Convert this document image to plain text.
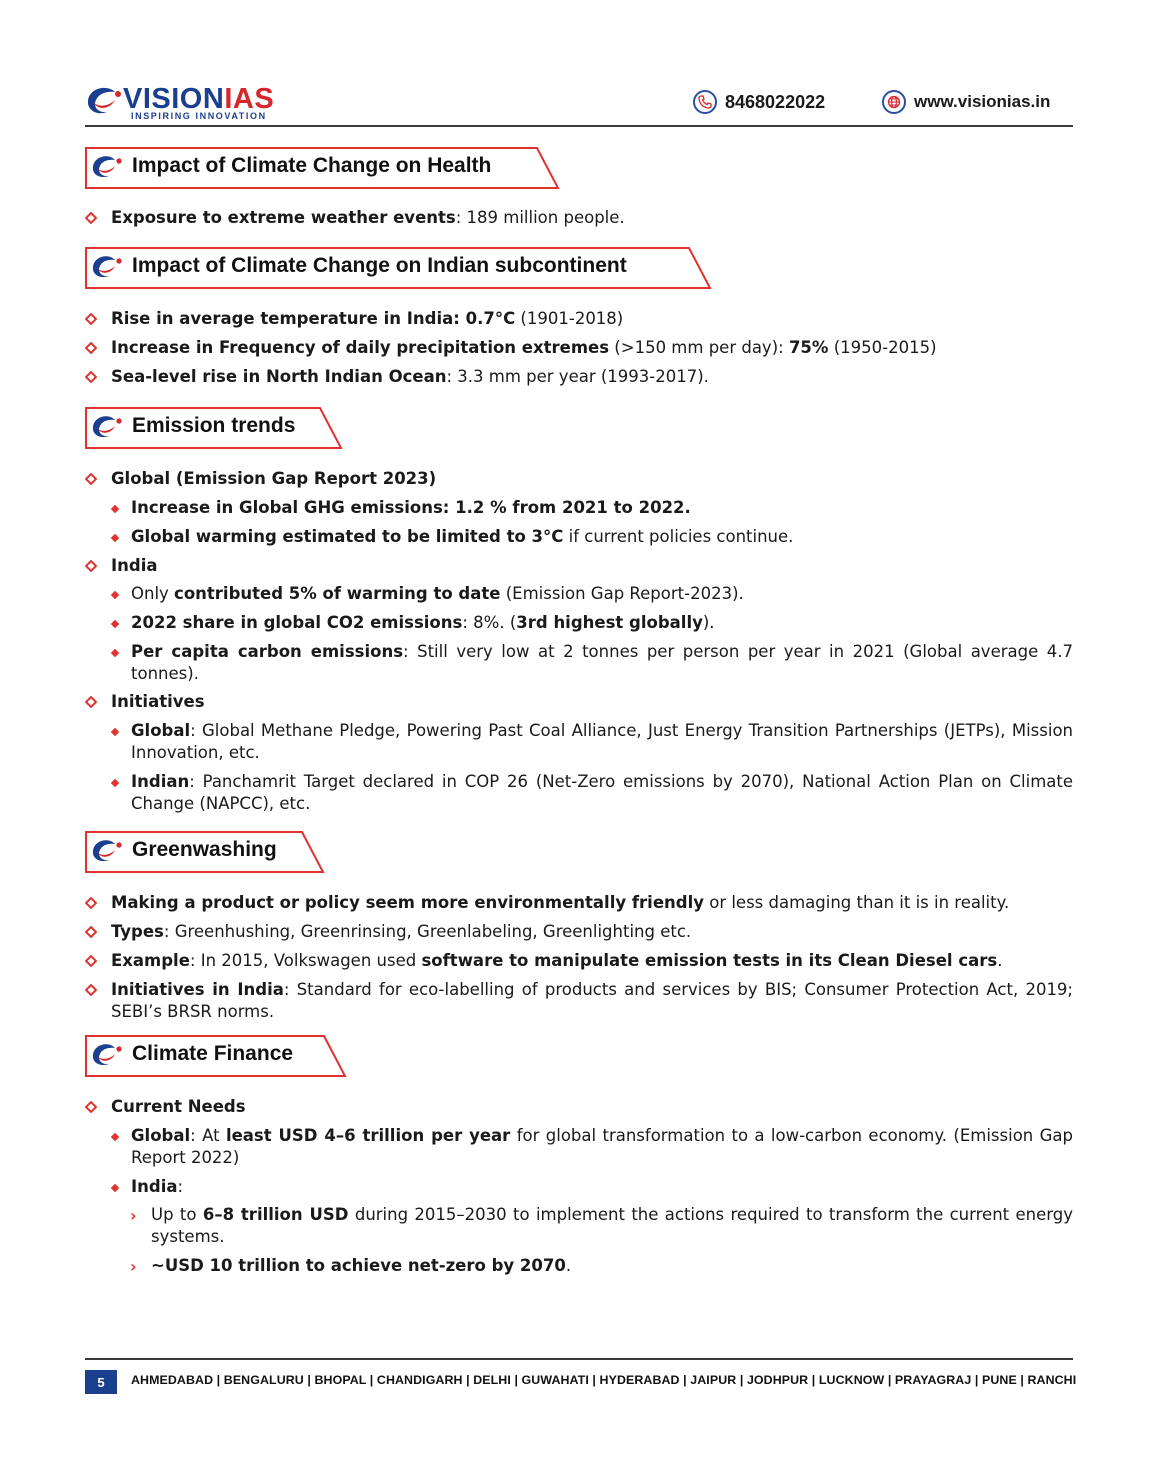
VISIONIAS
INSPIRING INNOVATION
8468022022	www.visionias.in
Impact of Climate Change on Health
Exposure to extreme weather events: 189 million people.
Impact of Climate Change on Indian subcontinent
Rise in average temperature in India: 0.7°C (1901-2018)
Increase in Frequency of daily precipitation extremes (>150 mm per day): 75% (1950-2015)
Sea-level rise in North Indian Ocean: 3.3 mm per year (1993-2017).
Emission trends
Global (Emission Gap Report 2023)
Increase in Global GHG emissions: 1.2 % from 2021 to 2022.
Global warming estimated to be limited to 3°C if current policies continue.
India
Only contributed 5% of warming to date (Emission Gap Report-2023).
2022 share in global CO2 emissions: 8%. (3rd highest globally).
Per capita carbon emissions: Still very low at 2 tonnes per person per year in 2021 (Global average 4.7 tonnes).
Initiatives
Global: Global Methane Pledge, Powering Past Coal Alliance, Just Energy Transition Partnerships (JETPs), Mission Innovation, etc.
Indian: Panchamrit Target declared in COP 26 (Net-Zero emissions by 2070), National Action Plan on Climate Change (NAPCC), etc.
Greenwashing
Making a product or policy seem more environmentally friendly or less damaging than it is in reality.
Types: Greenhushing, Greenrinsing, Greenlabeling, Greenlighting etc.
Example: In 2015, Volkswagen used software to manipulate emission tests in its Clean Diesel cars.
Initiatives in India: Standard for eco-labelling of products and services by BIS; Consumer Protection Act, 2019; SEBI’s BRSR norms.
Climate Finance
Current Needs
Global: At least USD 4–6 trillion per year for global transformation to a low-carbon economy. (Emission Gap Report 2022)
India:
› Up to 6–8 trillion USD during 2015–2030 to implement the actions required to transform the current energy systems.
› ~USD 10 trillion to achieve net-zero by 2070.
5	AHMEDABAD | BENGALURU | BHOPAL | CHANDIGARH | DELHI | GUWAHATI | HYDERABAD | JAIPUR | JODHPUR | LUCKNOW | PRAYAGRAJ | PUNE | RANCHI
